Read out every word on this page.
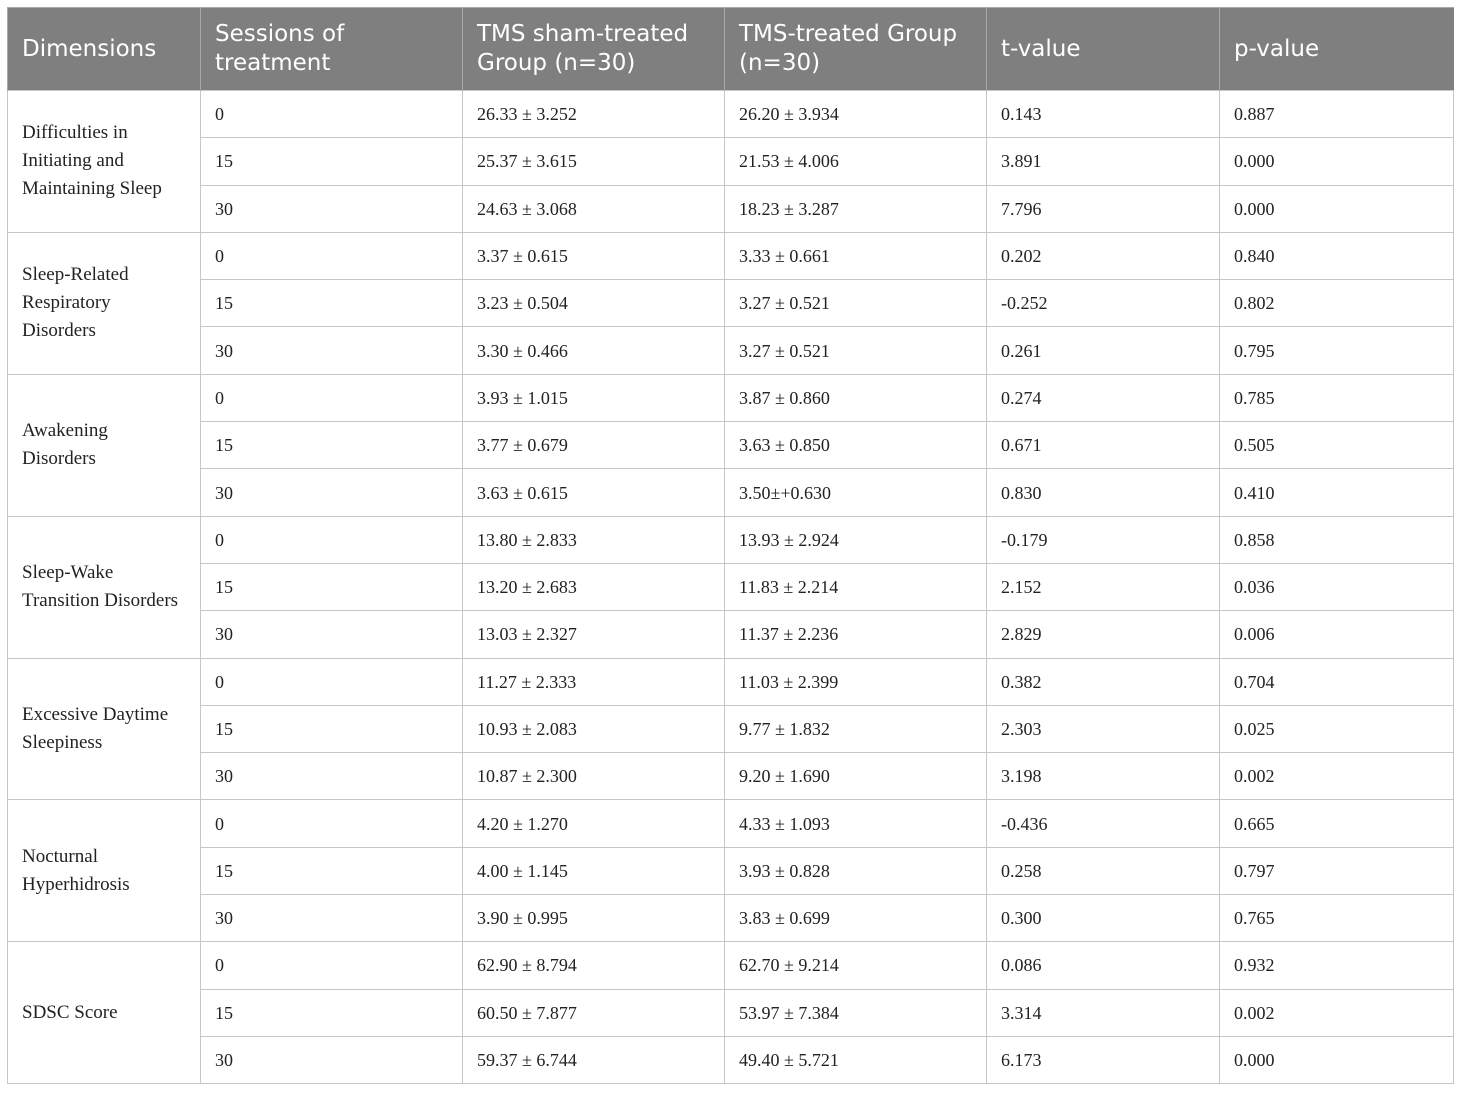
Dimensions	Sessions of treatment	TMS sham-treated Group (n=30)	TMS-treated Group (n=30)	t-value	p-value
Difficulties in Initiating and Maintaining Sleep	0	26.33 ± 3.252	26.20 ± 3.934	0.143	0.887
	15	25.37 ± 3.615	21.53 ± 4.006	3.891	0.000
	30	24.63 ± 3.068	18.23 ± 3.287	7.796	0.000
Sleep-Related Respiratory Disorders	0	3.37 ± 0.615	3.33 ± 0.661	0.202	0.840
	15	3.23 ± 0.504	3.27 ± 0.521	-0.252	0.802
	30	3.30 ± 0.466	3.27 ± 0.521	0.261	0.795
Awakening Disorders	0	3.93 ± 1.015	3.87 ± 0.860	0.274	0.785
	15	3.77 ± 0.679	3.63 ± 0.850	0.671	0.505
	30	3.63 ± 0.615	3.50±+0.630	0.830	0.410
Sleep-Wake Transition Disorders	0	13.80 ± 2.833	13.93 ± 2.924	-0.179	0.858
	15	13.20 ± 2.683	11.83 ± 2.214	2.152	0.036
	30	13.03 ± 2.327	11.37 ± 2.236	2.829	0.006
Excessive Daytime Sleepiness	0	11.27 ± 2.333	11.03 ± 2.399	0.382	0.704
	15	10.93 ± 2.083	9.77 ± 1.832	2.303	0.025
	30	10.87 ± 2.300	9.20 ± 1.690	3.198	0.002
Nocturnal Hyperhidrosis	0	4.20 ± 1.270	4.33 ± 1.093	-0.436	0.665
	15	4.00 ± 1.145	3.93 ± 0.828	0.258	0.797
	30	3.90 ± 0.995	3.83 ± 0.699	0.300	0.765
SDSC Score	0	62.90 ± 8.794	62.70 ± 9.214	0.086	0.932
	15	60.50 ± 7.877	53.97 ± 7.384	3.314	0.002
	30	59.37 ± 6.744	49.40 ± 5.721	6.173	0.000
